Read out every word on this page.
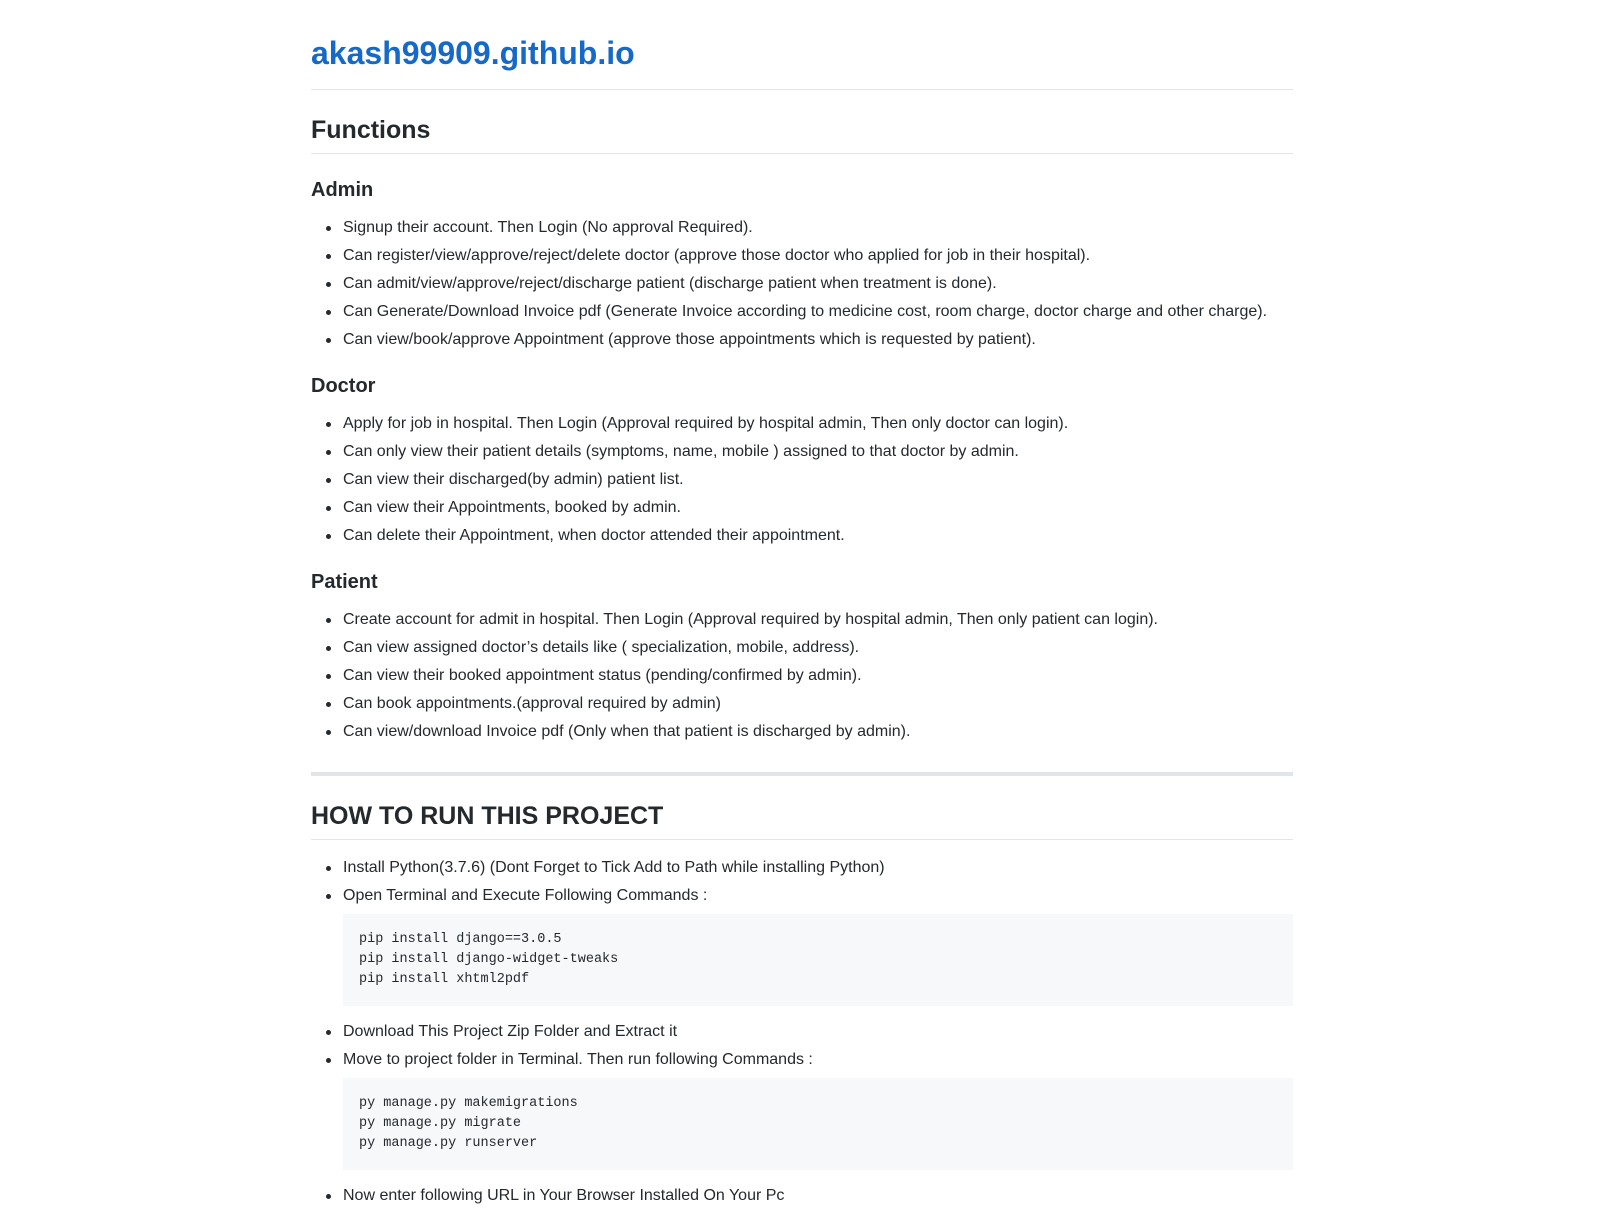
akash99909.github.io
Functions
Admin
Signup their account. Then Login (No approval Required).
Can register/view/approve/reject/delete doctor (approve those doctor who applied for job in their hospital).
Can admit/view/approve/reject/discharge patient (discharge patient when treatment is done).
Can Generate/Download Invoice pdf (Generate Invoice according to medicine cost, room charge, doctor charge and other charge).
Can view/book/approve Appointment (approve those appointments which is requested by patient).
Doctor
Apply for job in hospital. Then Login (Approval required by hospital admin, Then only doctor can login).
Can only view their patient details (symptoms, name, mobile ) assigned to that doctor by admin.
Can view their discharged(by admin) patient list.
Can view their Appointments, booked by admin.
Can delete their Appointment, when doctor attended their appointment.
Patient
Create account for admit in hospital. Then Login (Approval required by hospital admin, Then only patient can login).
Can view assigned doctor’s details like ( specialization, mobile, address).
Can view their booked appointment status (pending/confirmed by admin).
Can book appointments.(approval required by admin)
Can view/download Invoice pdf (Only when that patient is discharged by admin).
HOW TO RUN THIS PROJECT
Install Python(3.7.6) (Dont Forget to Tick Add to Path while installing Python)
Open Terminal and Execute Following Commands :
pip install django==3.0.5
pip install django-widget-tweaks
pip install xhtml2pdf
Download This Project Zip Folder and Extract it
Move to project folder in Terminal. Then run following Commands :
py manage.py makemigrations
py manage.py migrate
py manage.py runserver
Now enter following URL in Your Browser Installed On Your Pc
